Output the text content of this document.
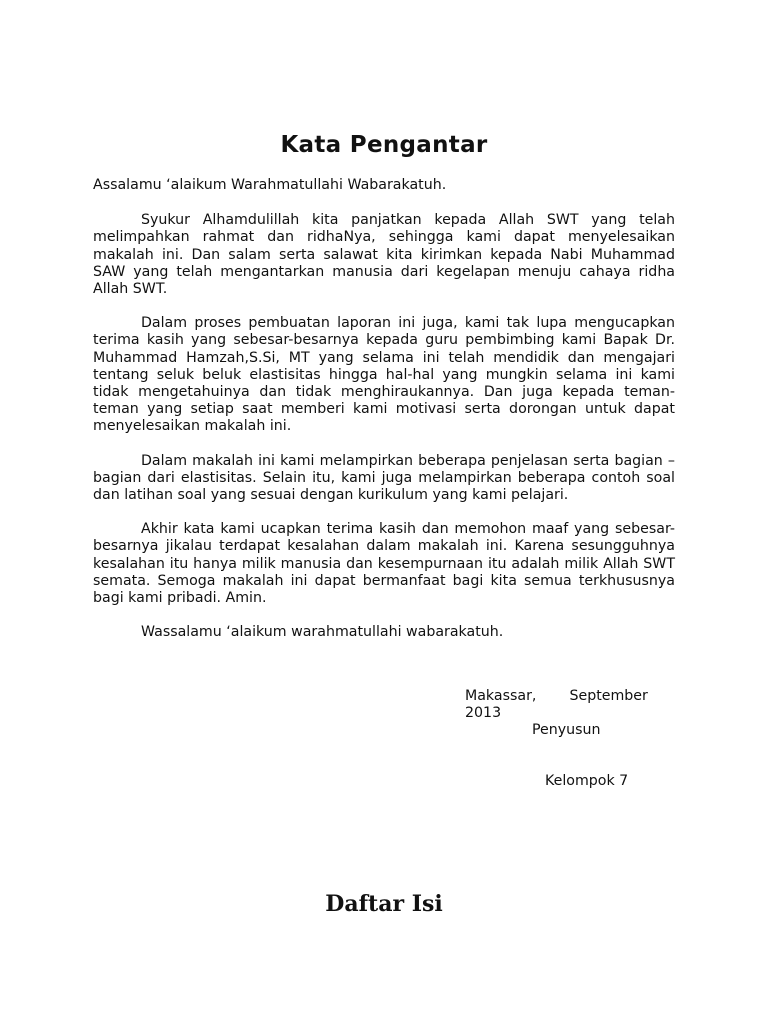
Kata Pengantar

Assalamu ‘alaikum Warahmatullahi Wabarakatuh.

Syukur Alhamdulillah kita panjatkan kepada Allah SWT yang telah melimpahkan rahmat dan ridhaNya, sehingga kami dapat menyelesaikan makalah ini. Dan salam serta salawat kita kirimkan kepada Nabi Muhammad SAW yang telah mengantarkan manusia dari kegelapan menuju cahaya ridha Allah SWT.

Dalam proses pembuatan laporan ini juga, kami tak lupa mengucapkan terima kasih yang sebesar-besarnya kepada guru pembimbing kami Bapak Dr. Muhammad Hamzah,S.Si, MT yang selama ini telah mendidik dan mengajari tentang seluk beluk elastisitas hingga hal-hal yang mungkin selama ini kami tidak mengetahuinya dan tidak menghiraukannya. Dan juga kepada teman-teman yang setiap saat memberi kami motivasi serta dorongan untuk dapat menyelesaikan makalah ini.

Dalam makalah ini kami melampirkan beberapa penjelasan serta bagian – bagian dari elastisitas. Selain itu, kami juga melampirkan beberapa contoh soal dan latihan soal yang sesuai dengan kurikulum yang kami pelajari.

Akhir kata kami ucapkan terima kasih dan memohon maaf yang sebesar-besarnya jikalau terdapat kesalahan dalam makalah ini. Karena sesungguhnya kesalahan itu hanya milik manusia dan kesempurnaan itu adalah milik Allah SWT semata. Semoga makalah ini dapat bermanfaat bagi kita semua terkhususnya bagi kami pribadi. Amin.

Wassalamu ‘alaikum warahmatullahi wabarakatuh.

Makassar, September
2013

Penyusun

Kelompok 7

Daftar Isi
